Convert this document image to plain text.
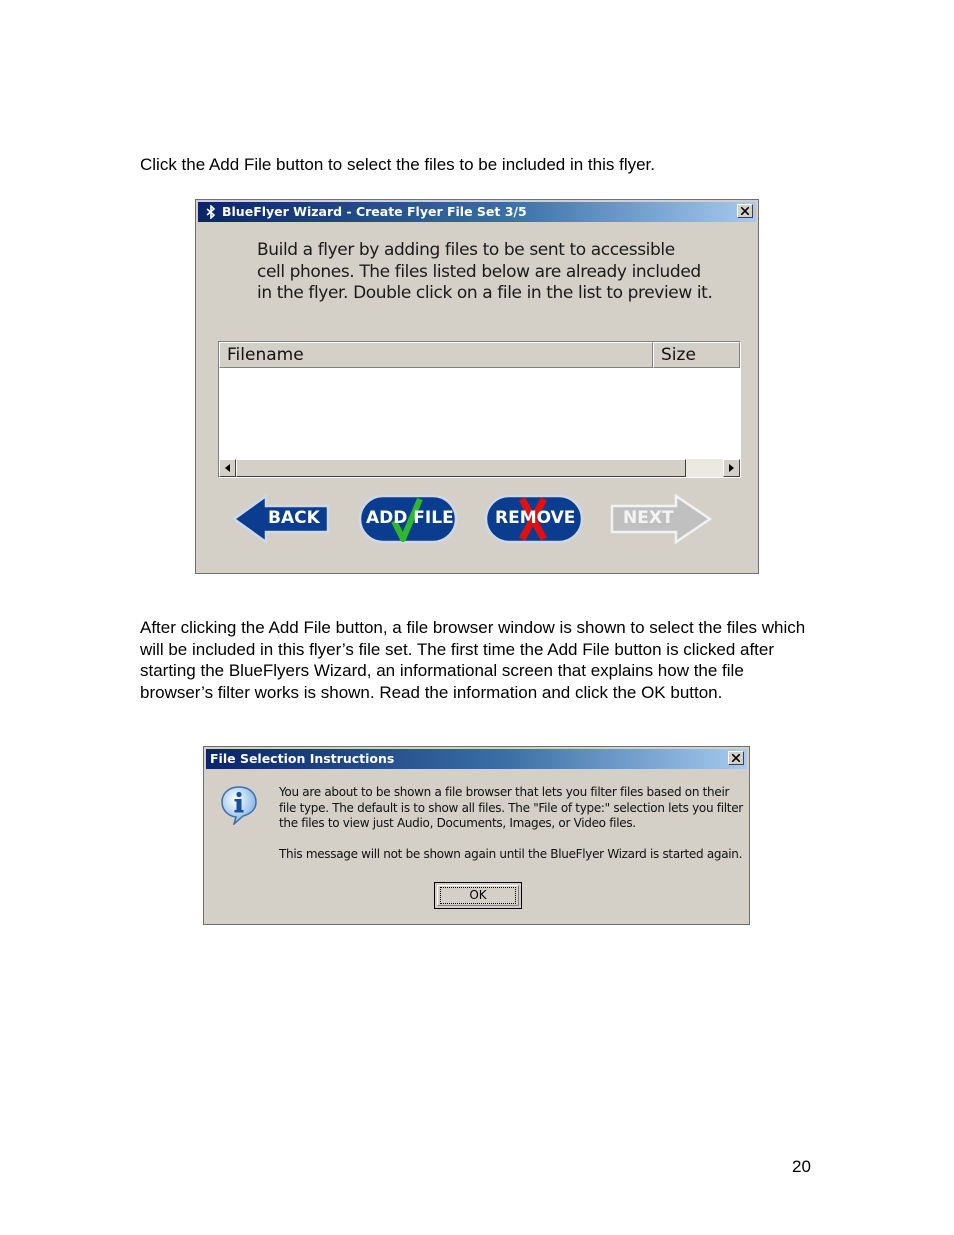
Click the Add File button to select the files to be included in this flyer.

BlueFlyer Wizard - Create Flyer File Set 3/5
Build a flyer by adding files to be sent to accessible
cell phones. The files listed below are already included
in the flyer. Double click on a file in the list to preview it.
Filename	Size
BACK	ADD FILE REMOVE	NEXT

After clicking the Add File button, a file browser window is shown to select the files which will be included in this flyer’s file set. The first time the Add File button is clicked after starting the BlueFlyers Wizard, an informational screen that explains how the file browser’s filter works is shown. Read the information and click the OK button.

File Selection Instructions

You are about to be shown a file browser that lets you filter files based on their
file type. The default is to show all files. The "File of type:" selection lets you filter
the files to view just Audio, Documents, Images, or Video files.

This message will not be shown again until the BlueFlyer Wizard is started again.

OK
20
